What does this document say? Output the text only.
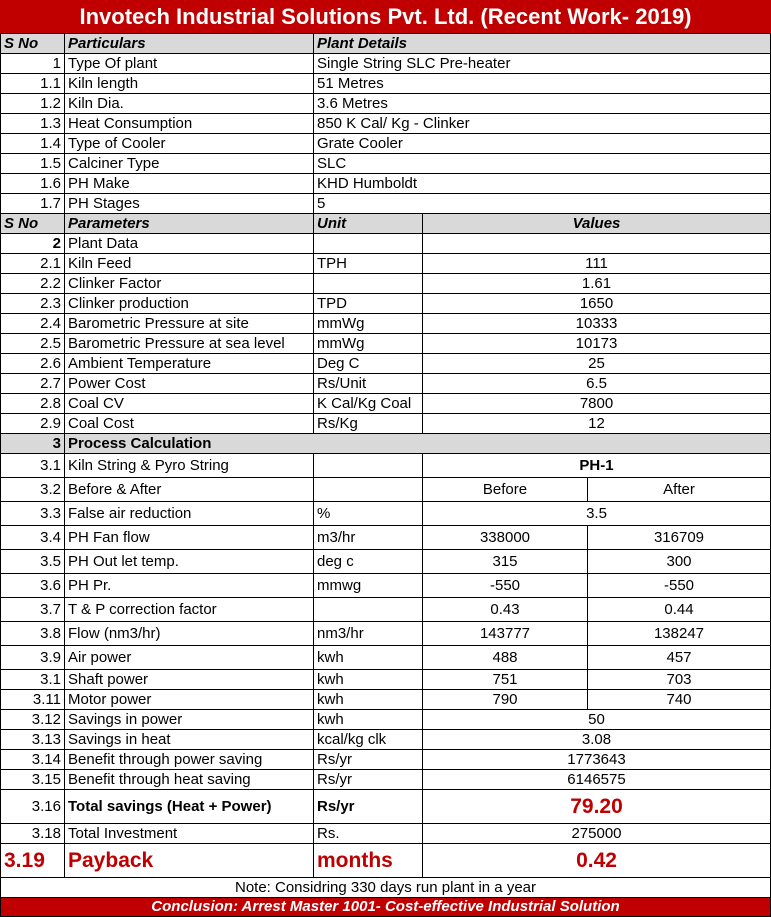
Invotech Industrial Solutions Pvt. Ltd. (Recent Work- 2019)
S No	Particulars	Plant Details		
1	Type Of plant	Single String SLC Pre-heater		
1.1	Kiln length	51 Metres		
1.2	Kiln Dia.	3.6 Metres		
1.3	Heat Consumption	850 K Cal/ Kg - Clinker		
1.4	Type of Cooler	Grate Cooler		
1.5	Calciner Type	SLC		
1.6	PH Make	KHD Humboldt		
1.7	PH Stages	5		
S No	Parameters	Unit	Values	
2	Plant Data			
2.1	Kiln Feed	TPH	111	
2.2	Clinker Factor		1.61	
2.3	Clinker production	TPD	1650	
2.4	Barometric Pressure at site	mmWg	10333	
2.5	Barometric Pressure at sea level	mmWg	10173	
2.6	Ambient Temperature	Deg C	25	
2.7	Power Cost	Rs/Unit	6.5	
2.8	Coal CV	K Cal/Kg Coal	7800	
2.9	Coal Cost	Rs/Kg	12	
3	Process Calculation			
3.1	Kiln String & Pyro String		PH-1	
3.2	Before & After		Before	After
3.3	False air reduction	%	3.5	
3.4	PH Fan flow	m3/hr	338000	316709
3.5	PH Out let temp.	deg c	315	300
3.6	PH Pr.	mmwg	-550	-550
3.7	T & P correction factor		0.43	0.44
3.8	Flow (nm3/hr)	nm3/hr	143777	138247
3.9	Air power	kwh	488	457
3.1	Shaft power	kwh	751	703
3.11	Motor power	kwh	790	740
3.12	Savings in power	kwh	50	
3.13	Savings in heat	kcal/kg clk	3.08	
3.14	Benefit through power saving	Rs/yr	1773643	
3.15	Benefit through heat saving	Rs/yr	6146575	
3.16	Total savings (Heat + Power)	Rs/yr	79.20	
3.18	Total Investment	Rs.	275000	
3.19	Payback	months	0.42	
Note: Considring 330 days run plant in a year				
Conclusion: Arrest Master 1001- Cost-effective Industrial Solution				
